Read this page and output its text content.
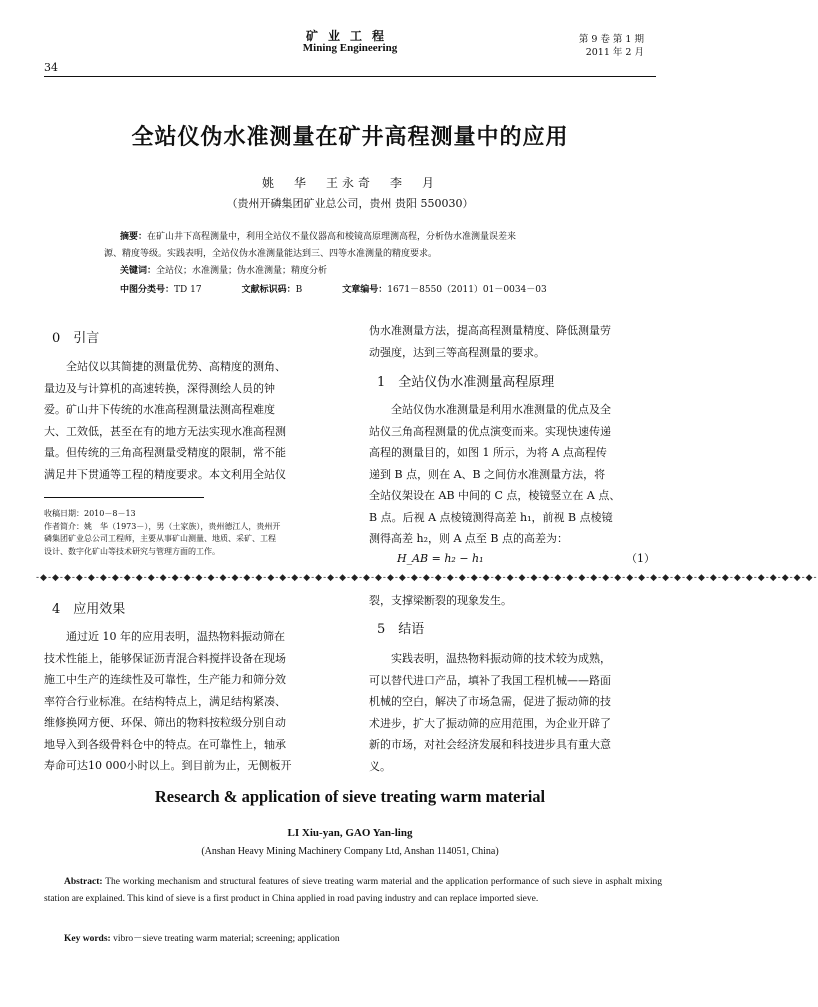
矿业工程
Mining Engineering
34
第 9 卷 第 1 期
2011 年 2 月
全站仪伪水准测量在矿井高程测量中的应用
姚　华　王永奇　李　月
（贵州开磷集团矿业总公司，贵州 贵阳 550030）
摘要：在矿山井下高程测量中，利用全站仪不量仪器高和棱镜高原理测高程，分析伪水准测量误差来
源、精度等级。实践表明，全站仪伪水准测量能达到三、四等水准测量的精度要求。
关键词：全站仪；水准测量；伪水准测量；精度分析
中图分类号：TD 17	文献标识码：B	文章编号：1671－8550（2011）01－0034－03
0　引言
　　全站仪以其简捷的测量优势、高精度的测角、
量边及与计算机的高速转换，深得测绘人员的钟
爱。矿山井下传统的水准高程测量法测高程难度
大、工效低，甚至在有的地方无法实现水准高程测
量。但传统的三角高程测量受精度的限制，常不能
满足井下贯通等工程的精度要求。本文利用全站仪
收稿日期：2010－8－13
作者简介：姚　华（1973－），男（土家族），贵州德江人，贵州开
磷集团矿业总公司工程师，主要从事矿山测量、地质、采矿、工程
设计、数字化矿山等技术研究与管理方面的工作。
伪水准测量方法，提高高程测量精度、降低测量劳
动强度，达到三等高程测量的要求。
1　全站仪伪水准测量高程原理
　　全站仪伪水准测量是利用水准测量的优点及全
站仪三角高程测量的优点演变而来。实现快速传递
高程的测量目的，如图 1 所示，为将 A 点高程传
递到 B 点，则在 A、B 之间仿水准测量方法，将
全站仪架设在 AB 中间的 C 点，棱镜竖立在 A 点、
B 点。后视 A 点棱镜测得高差 h₁，前视 B 点棱镜
测得高差 h₂，则 A 点至 B 点的高差为：
H_AB = h₂ − h₁	（1）
-◆-◆-◆-◆-◆-◆-◆-◆-◆-◆-◆-◆-◆-◆-◆-◆-◆-◆-◆-◆-◆-◆-◆-◆-◆-◆-◆-◆-◆-◆-◆-◆-◆-◆-◆-◆-◆-◆-◆-◆-◆-◆-◆-◆-◆-◆-◆-◆-◆-◆-◆-◆-◆-◆-◆-◆-◆-◆-◆-◆-◆-◆-◆-◆-◆-
4　应用效果
　　通过近 10 年的应用表明，温热物料振动筛在
技术性能上，能够保证沥青混合料搅拌设备在现场
施工中生产的连续性及可靠性，生产能力和筛分效
率符合行业标准。在结构特点上，满足结构紧凑、
维修换网方便、环保、筛出的物料按粒级分别自动
地导入到各级骨料仓中的特点。在可靠性上，轴承
寿命可达10 000小时以上。到目前为止，无侧板开
裂，支撑梁断裂的现象发生。
5　结语
　　实践表明，温热物料振动筛的技术较为成熟，
可以替代进口产品，填补了我国工程机械——路面
机械的空白，解决了市场急需，促进了振动筛的技
术进步，扩大了振动筛的应用范围，为企业开辟了
新的市场，对社会经济发展和科技进步具有重大意
义。
Research & application of sieve treating warm material
LI Xiu-yan, GAO Yan-ling
(Anshan Heavy Mining Machinery Company Ltd, Anshan 114051, China)
Abstract: The working mechanism and structural features of sieve treating warm material and the application performance of such sieve in asphalt mixing station are explained. This kind of sieve is a first product in China applied in road paving industry and can replace imported sieve.
Key words: vibro－sieve treating warm material; screening; application
